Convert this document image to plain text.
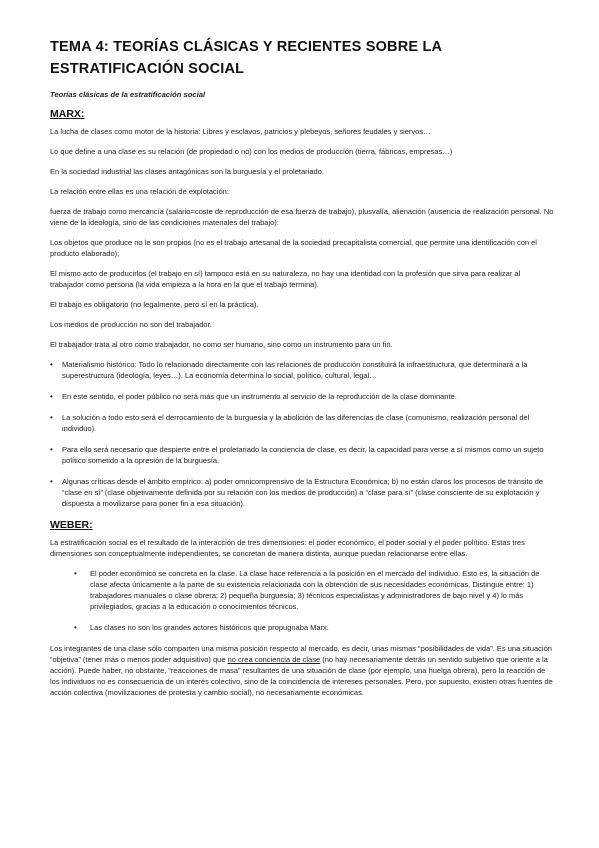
TEMA 4: TEORÍAS CLÁSICAS Y RECIENTES SOBRE LA
ESTRATIFICACIÓN SOCIAL
Teorías clásicas de la estratificación social
MARX:

La lucha de clases como motor de la historia: Libres y esclavos, patricios y plebeyos, señores feudales y siervos…

Lo que define a una clase es su relación (de propiedad o no) con los medios de producción (tierra, fábricas, empresas…)

En la sociedad industrial las clases antagónicas son la burguesía y el proletariado.

La relación entre ellas es una relación de explotación:

fuerza de trabajo como mercancía (salario=coste de reproducción de esa fuerza de trabajo), plusvalía, alienación (ausencia de realización personal. No viene de la ideología, sino de las condiciones materiales del trabajo):

Los objetos que produce no le son propios (no es el trabajo artesanal de la sociedad precapitalista comercial, que permite una identificación con el producto elaborado);

El mismo acto de producirlos (el trabajo en sí) tampoco está en su naturaleza, no hay una identidad con la profesión que sirva para realizar al trabajador como persona (la vida empieza a la hora en la que el trabajo termina).

El trabajo es obligatorio (no legalmente, pero sí en la práctica).

Los medios de producción no son del trabajador.

El trabajador trata al otro como trabajador, no como ser humano, sino como un instrumento para un fin.

• Materialismo histórico: Todo lo relacionado directamente con las relaciones de producción constituirá la infraestructura, que determinará a la superestructura (ideología, leyes…). La economía determina lo social, político, cultural, legal…
• En este sentido, el poder público no será más que un instrumento al servicio de la reproducción de la clase dominante.
• La solución a todo esto será el derrocamiento de la burguesía y la abolición de las diferencias de clase (comunismo, realización personal del individuo).
• Para ello será necesario que despierte entre el proletariado la conciencia de clase, es decir, la capacidad para verse a sí mismos como un sujeto político sometido a la opresión de la burguesía.
• Algunas críticas desde el ámbito empírico: a) poder omnicomprensivo de la Estructura Económica; b) no están claros los procesos de tránsito de “clase en sí” (clase objetivamente definida por su relación con los medios de producción) a “clase para sí” (clase consciente de su explotación y dispuesta a movilizarse para poner fin a esa situación).
WEBER:

La estratificación social es el resultado de la interacción de tres dimensiones: el poder económico, el poder social y el poder político. Estas tres dimensiones son conceptualmente independientes, se concretan de manera distinta, aunque puedan relacionarse entre ellas.

• El poder económico se concreta en la clase. La clase hace referencia a la posición en el mercado del individuo. Esto es, la situación de clase afecta únicamente a la parte de su existencia relacionada con la obtención de sus necesidades económicas. Distingue entre: 1) trabajadores manuales o clase obrera; 2) pequeña burguesía; 3) técnicos especialistas y administradores de bajo nivel y 4) lo más privilegiados, gracias a la educación o conocimientos técnicos.
• Las clases no son los grandes actores históricos que propugnaba Marx.

Los integrantes de una clase sólo comparten una misma posición respecto al mercado, es decir, unas mismas “posibilidades de vida”. Es una situación “objetiva” (tener más o menos poder adquisitivo) que no crea conciencia de clase (no hay necesariamente detrás un sentido subjetivo que oriente a la acción). Puede haber, no obstante, “reacciones de masa” resultantes de una situación de clase (por ejemplo, una huelga obrera), pero la reacción de los individuos no es consecuencia de un interés colectivo, sino de la coincidencia de intereses personales. Pero, por supuesto, existen otras fuentes de acción colectiva (movilizaciones de protesta y cambio social), no necesariamente económicas.
